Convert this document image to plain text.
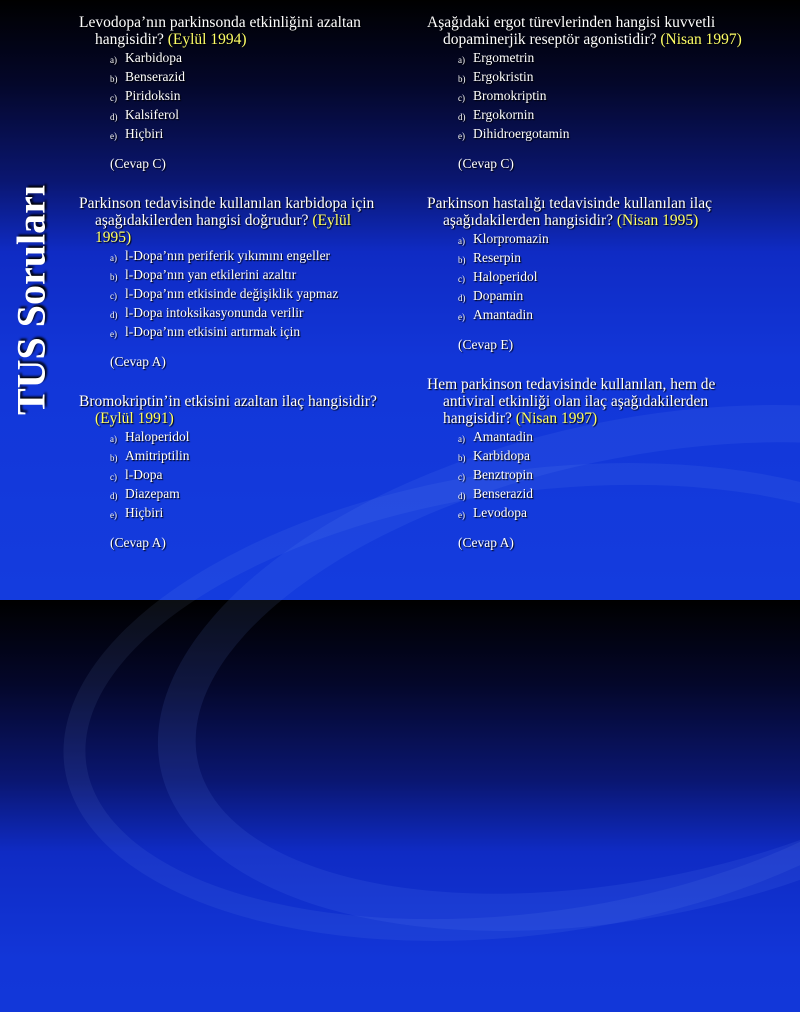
TUS Soruları
Levodopa’nın parkinsonda etkinliğini azaltan hangisidir? (Eylül 1994)
a) Karbidopa
b) Benserazid
c) Piridoksin
d) Kalsiferol
e) Hiçbiri
(Cevap C)
Parkinson tedavisinde kullanılan karbidopa için aşağıdakilerden hangisi doğrudur? (Eylül 1995)
a) l-Dopa’nın periferik yıkımını engeller
b) l-Dopa’nın yan etkilerini azaltır
c) l-Dopa’nın etkisinde değişiklik yapmaz
d) l-Dopa intoksikasyonunda verilir
e) l-Dopa’nın etkisini artırmak için
(Cevap A)
Bromokriptin’in etkisini azaltan ilaç hangisidir? (Eylül 1991)
a) Haloperidol
b) Amitriptilin
c) l-Dopa
d) Diazepam
e) Hiçbiri
(Cevap A)
Aşağıdaki ergot türevlerinden hangisi kuvvetli dopaminerjik reseptör agonistidir? (Nisan 1997)
a) Ergometrin
b) Ergokristin
c) Bromokriptin
d) Ergokornin
e) Dihidroergotamin
(Cevap C)
Parkinson hastalığı tedavisinde kullanılan ilaç aşağıdakilerden hangisidir? (Nisan 1995)
a) Klorpromazin
b) Reserpin
c) Haloperidol
d) Dopamin
e) Amantadin
(Cevap E)
Hem parkinson tedavisinde kullanılan, hem de antiviral etkinliği olan ilaç aşağıdakilerden hangisidir? (Nisan 1997)
a) Amantadin
b) Karbidopa
c) Benztropin
d) Benserazid
e) Levodopa
(Cevap A)
